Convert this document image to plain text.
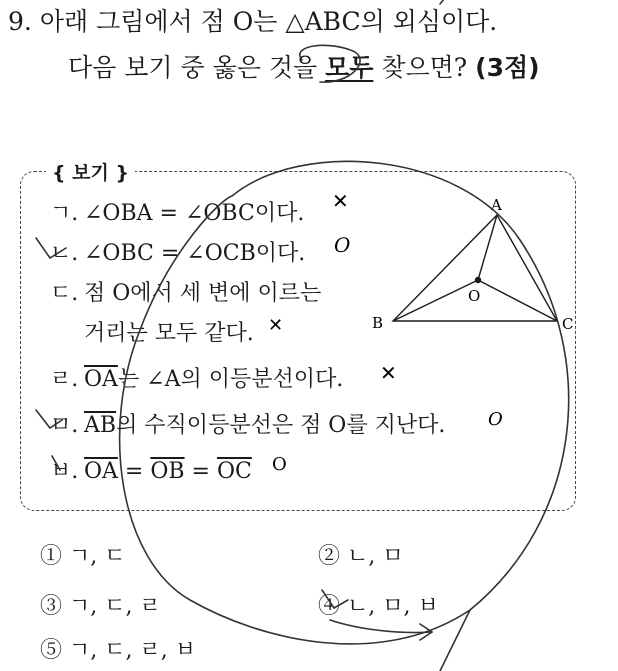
9. 아래 그림에서 점 O는 △ABC의 외심이다.
다음 보기 중 옳은 것을 모두 찾으면? (3점)
{ 보기 }
ㄱ. ∠OBA = ∠OBC이다.
ㄴ. ∠OBC = ∠OCB이다.
ㄷ. 점 O에서 세 변에 이르는
거리는 모두 같다.
ㄹ. $\overline{OA}$는 ∠A의 이등분선이다.
ㅁ. $\overline{AB}$의 수직이등분선은 점 O를 지난다.
ㅂ. $\overline{OA} = \overline{OB} = \overline{OC}$
① ㄱ, ㄷ	② ㄴ, ㅁ
③ ㄱ, ㄷ, ㄹ	④ ㄴ, ㅁ, ㅂ
⑤ ㄱ, ㄷ, ㄹ, ㅂ
A
B	C
O
✕
O
✕
✕
O
O
